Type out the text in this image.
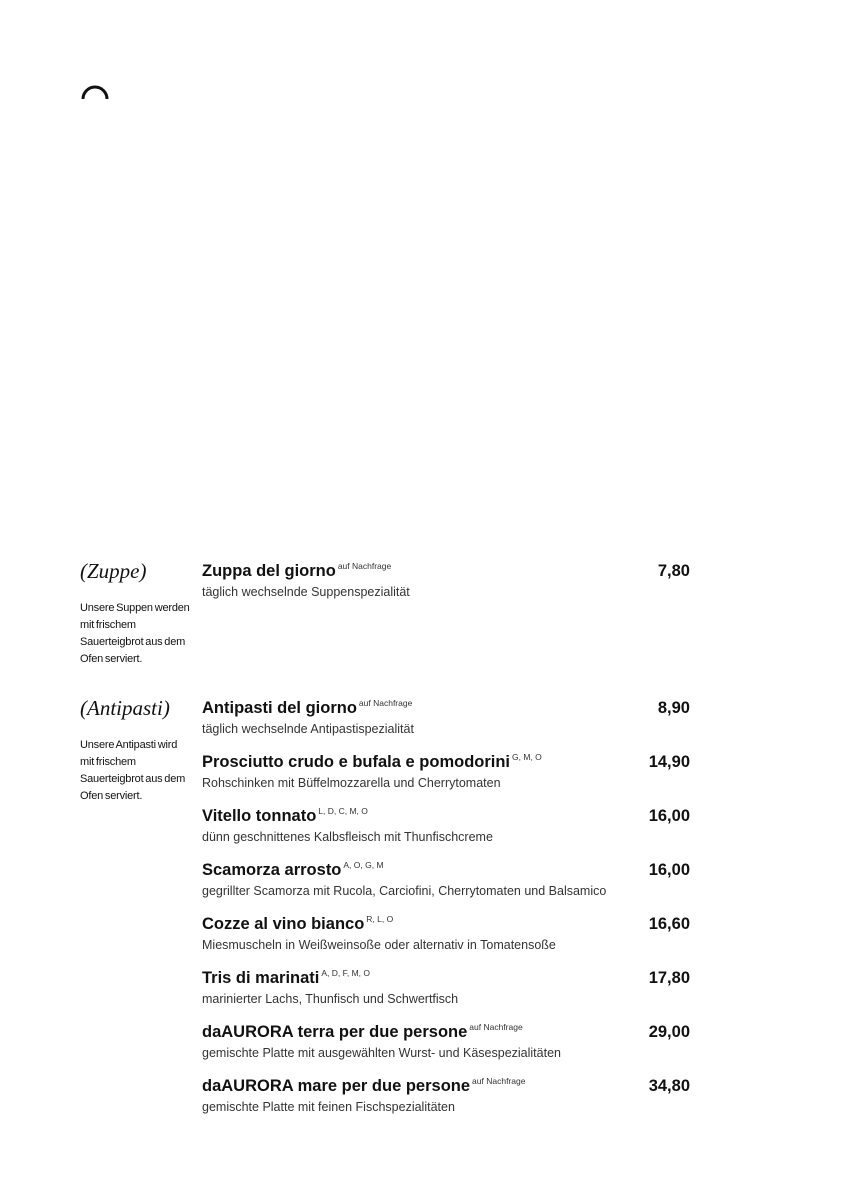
(Zuppe)

Unsere Suppen werden mit frischem Sauerteigbrot aus dem Ofen serviert.
Zuppa del giorno $^{auf Nachfrage}$
täglich wechselnde Suppenspezialität
7,80

(Antipasti)

Unsere Antipasti wird mit frischem Sauerteigbrot aus dem Ofen serviert.
Antipasti del giorno $^{auf Nachfrage}$
täglich wechselnde Antipastispezialität
8,90
Prosciutto crudo e bufala e pomodorini $^{G, M, O}$
Rohschinken mit Büffelmozzarella und Cherrytomaten
14,90
Vitello tonnato $^{L, D, C, M, O}$
dünn geschnittenes Kalbsfleisch mit Thunfischcreme
16,00
Scamorza arrosto $^{A, O, G, M}$
gegrillter Scamorza mit Rucola, Carciofini, Cherrytomaten und Balsamico
16,00
Cozze al vino bianco $^{R, L, O}$
Miesmuscheln in Weißweinsoße oder alternativ in Tomatensoße
16,60
Tris di marinati $^{A, D, F, M, O}$
marinierter Lachs, Thunfisch und Schwertfisch
17,80
daAURORA terra per due persone $^{auf Nachfrage}$
gemischte Platte mit ausgewählten Wurst- und Käsespezialitäten
29,00
daAURORA mare per due persone $^{auf Nachfrage}$
gemischte Platte mit feinen Fischspezialitäten
34,80
